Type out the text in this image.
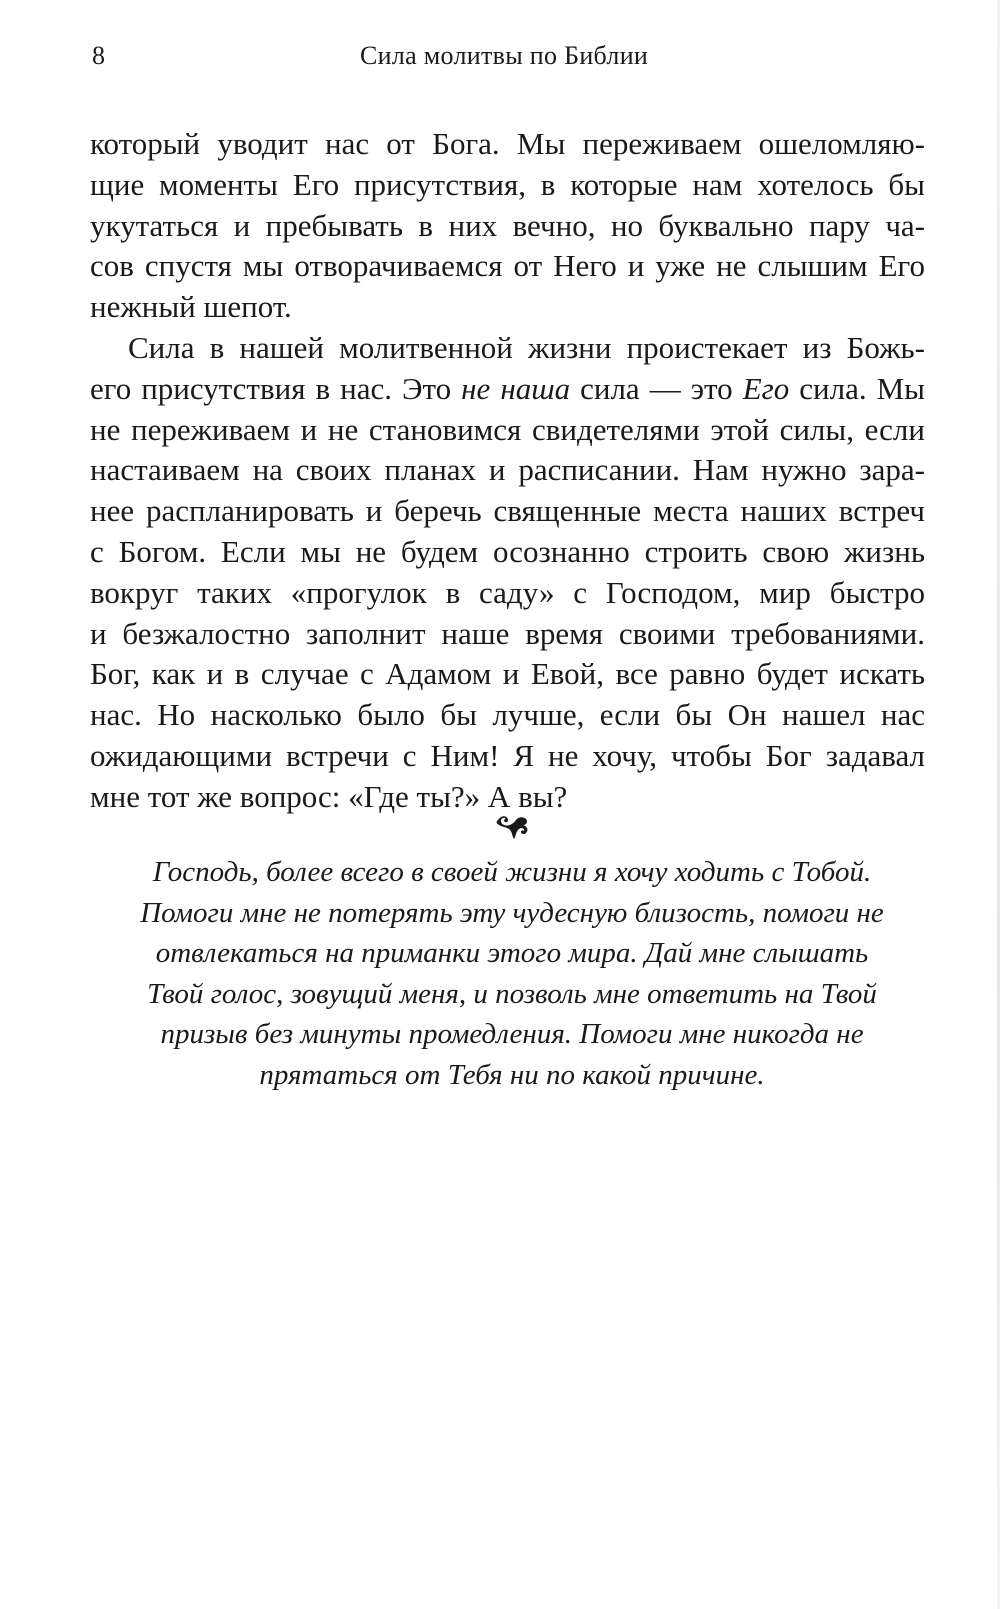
8	Сила молитвы по Библии
который уводит нас от Бога. Мы переживаем ошеломляю-
щие моменты Его присутствия, в которые нам хотелось бы
укутаться и пребывать в них вечно, но буквально пару ча-
сов спустя мы отворачиваемся от Него и уже не слышим Его
нежный шепот.
Сила в нашей молитвенной жизни проистекает из Божь-
его присутствия в нас. Это не наша сила — это Его сила. Мы
не переживаем и не становимся свидетелями этой силы, если
настаиваем на своих планах и расписании. Нам нужно зара-
нее распланировать и беречь священные места наших встреч
с Богом. Если мы не будем осознанно строить свою жизнь
вокруг таких «прогулок в саду» с Господом, мир быстро
и безжалостно заполнит наше время своими требованиями.
Бог, как и в случае с Адамом и Евой, все равно будет искать
нас. Но насколько было бы лучше, если бы Он нашел нас
ожидающими встречи с Ним! Я не хочу, чтобы Бог задавал
мне тот же вопрос: «Где ты?» А вы?
Господь, более всего в своей жизни я хочу ходить с Тобой.
Помоги мне не потерять эту чудесную близость, помоги не
отвлекаться на приманки этого мира. Дай мне слышать
Твой голос, зовущий меня, и позволь мне ответить на Твой
призыв без минуты промедления. Помоги мне никогда не
прятаться от Тебя ни по какой причине.
